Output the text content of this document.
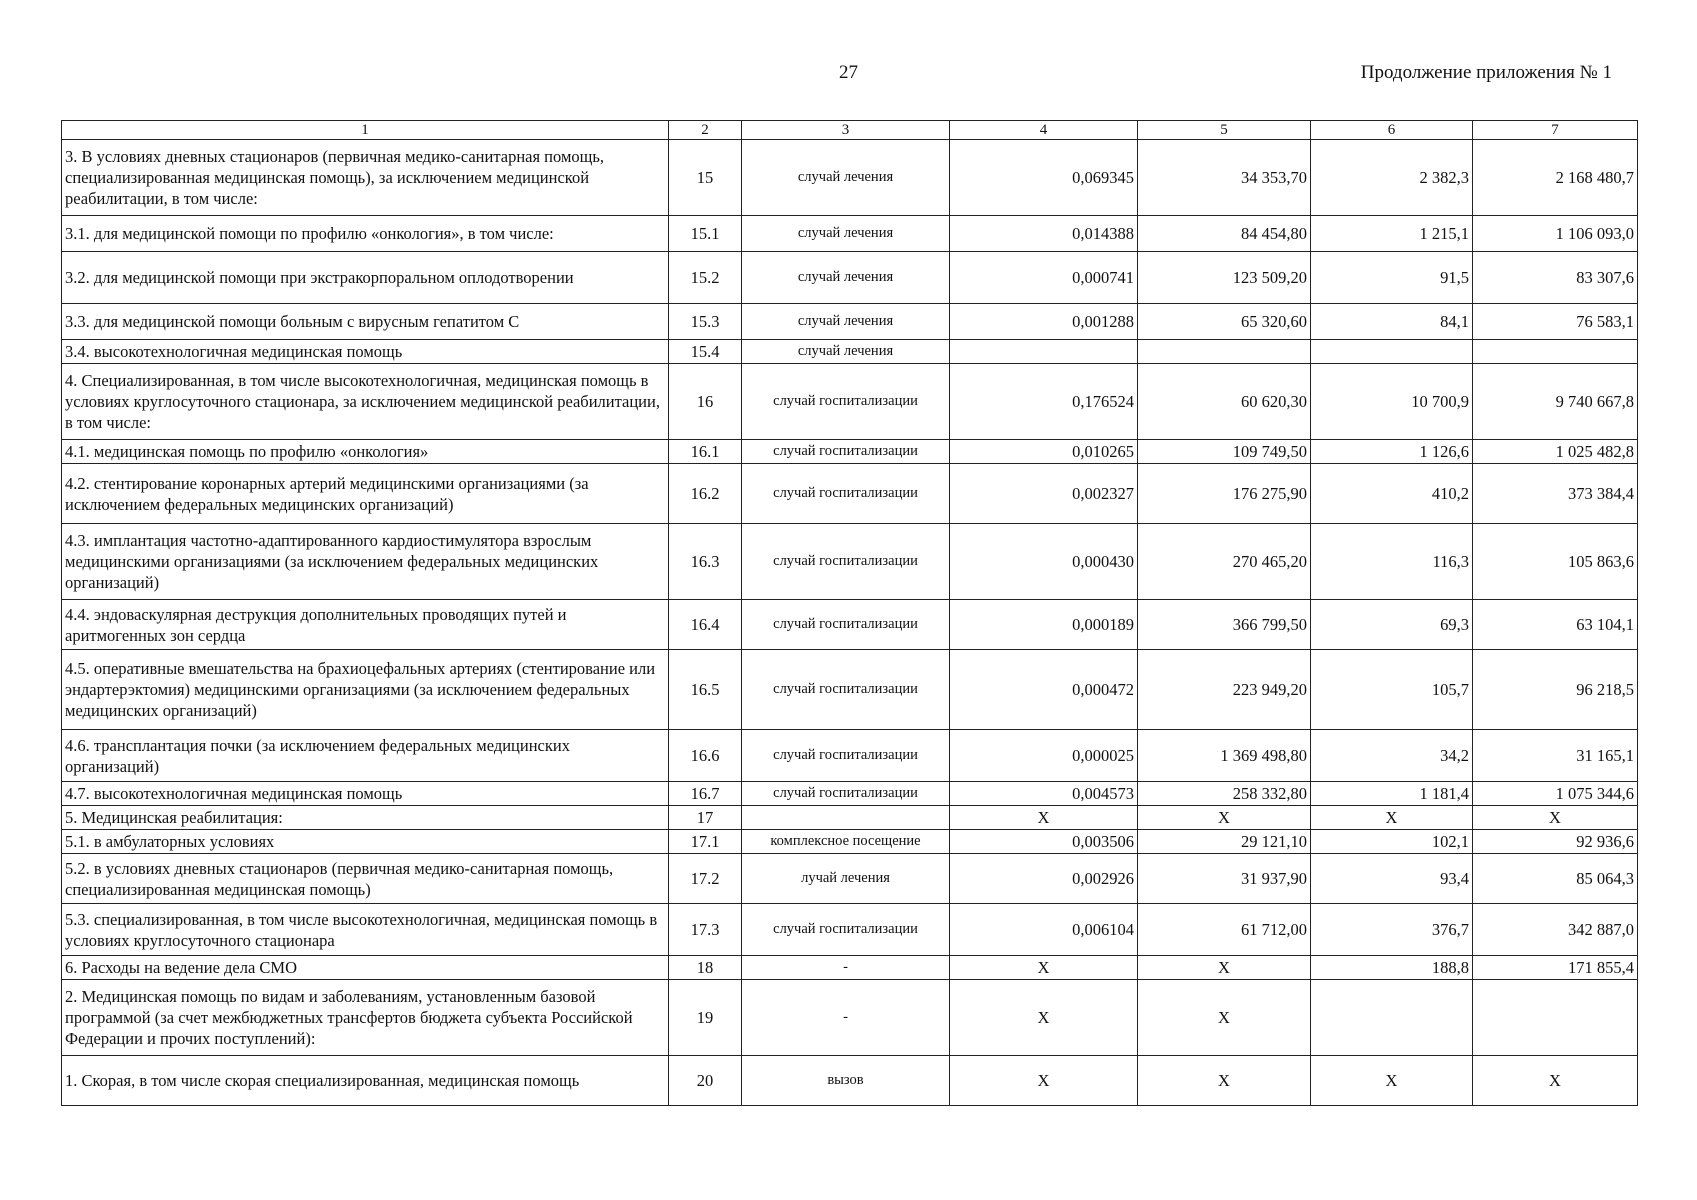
27	Продолжение приложения № 1
1	2	3	4	5	6	7
3. В условиях дневных стационаров (первичная медико-санитарная помощь, специализированная медицинская помощь), за исключением медицинской реабилитации, в том числе:	15	случай лечения	0,069345	34 353,70	2 382,3	2 168 480,7
3.1. для медицинской помощи по профилю «онкология», в том числе:	15.1	случай лечения	0,014388	84 454,80	1 215,1	1 106 093,0
3.2. для медицинской помощи при экстракорпоральном оплодотворении	15.2	случай лечения	0,000741	123 509,20	91,5	83 307,6
3.3. для медицинской помощи больным с вирусным гепатитом С	15.3	случай лечения	0,001288	65 320,60	84,1	76 583,1
3.4. высокотехнологичная медицинская помощь	15.4	случай лечения				
4. Специализированная, в том числе высокотехнологичная, медицинская помощь в условиях круглосуточного стационара, за исключением медицинской реабилитации, в том числе:	16	случай госпитализации	0,176524	60 620,30	10 700,9	9 740 667,8
4.1. медицинская помощь по профилю «онкология»	16.1	случай госпитализации	0,010265	109 749,50	1 126,6	1 025 482,8
4.2. стентирование коронарных артерий медицинскими организациями (за исключением федеральных медицинских организаций)	16.2	случай госпитализации	0,002327	176 275,90	410,2	373 384,4
4.3. имплантация частотно-адаптированного кардиостимулятора взрослым медицинскими организациями (за исключением федеральных медицинских организаций)	16.3	случай госпитализации	0,000430	270 465,20	116,3	105 863,6
4.4. эндоваскулярная деструкция дополнительных проводящих путей и аритмогенных зон сердца	16.4	случай госпитализации	0,000189	366 799,50	69,3	63 104,1
4.5. оперативные вмешательства на брахиоцефальных артериях (стентирование или эндартерэктомия) медицинскими организациями (за исключением федеральных медицинских организаций)	16.5	случай госпитализации	0,000472	223 949,20	105,7	96 218,5
4.6. трансплантация почки (за исключением федеральных медицинских организаций)	16.6	случай госпитализации	0,000025	1 369 498,80	34,2	31 165,1
4.7. высокотехнологичная медицинская помощь	16.7	случай госпитализации	0,004573	258 332,80	1 181,4	1 075 344,6
5. Медицинская реабилитация:	17		X	X	X	X
5.1. в амбулаторных условиях	17.1	комплексное посещение	0,003506	29 121,10	102,1	92 936,6
5.2. в условиях дневных стационаров (первичная медико-санитарная помощь, специализированная медицинская помощь)	17.2	лучай лечения	0,002926	31 937,90	93,4	85 064,3
5.3. специализированная, в том числе высокотехнологичная, медицинская помощь в условиях круглосуточного стационара	17.3	случай госпитализации	0,006104	61 712,00	376,7	342 887,0
6. Расходы на ведение дела СМО	18	-	X	X	188,8	171 855,4
2. Медицинская помощь по видам и заболеваниям, установленным базовой программой (за счет межбюджетных трансфертов бюджета субъекта Российской Федерации и прочих поступлений):	19	-	X	X		
1. Скорая, в том числе скорая специализированная, медицинская помощь	20	вызов	X	X	X	X
